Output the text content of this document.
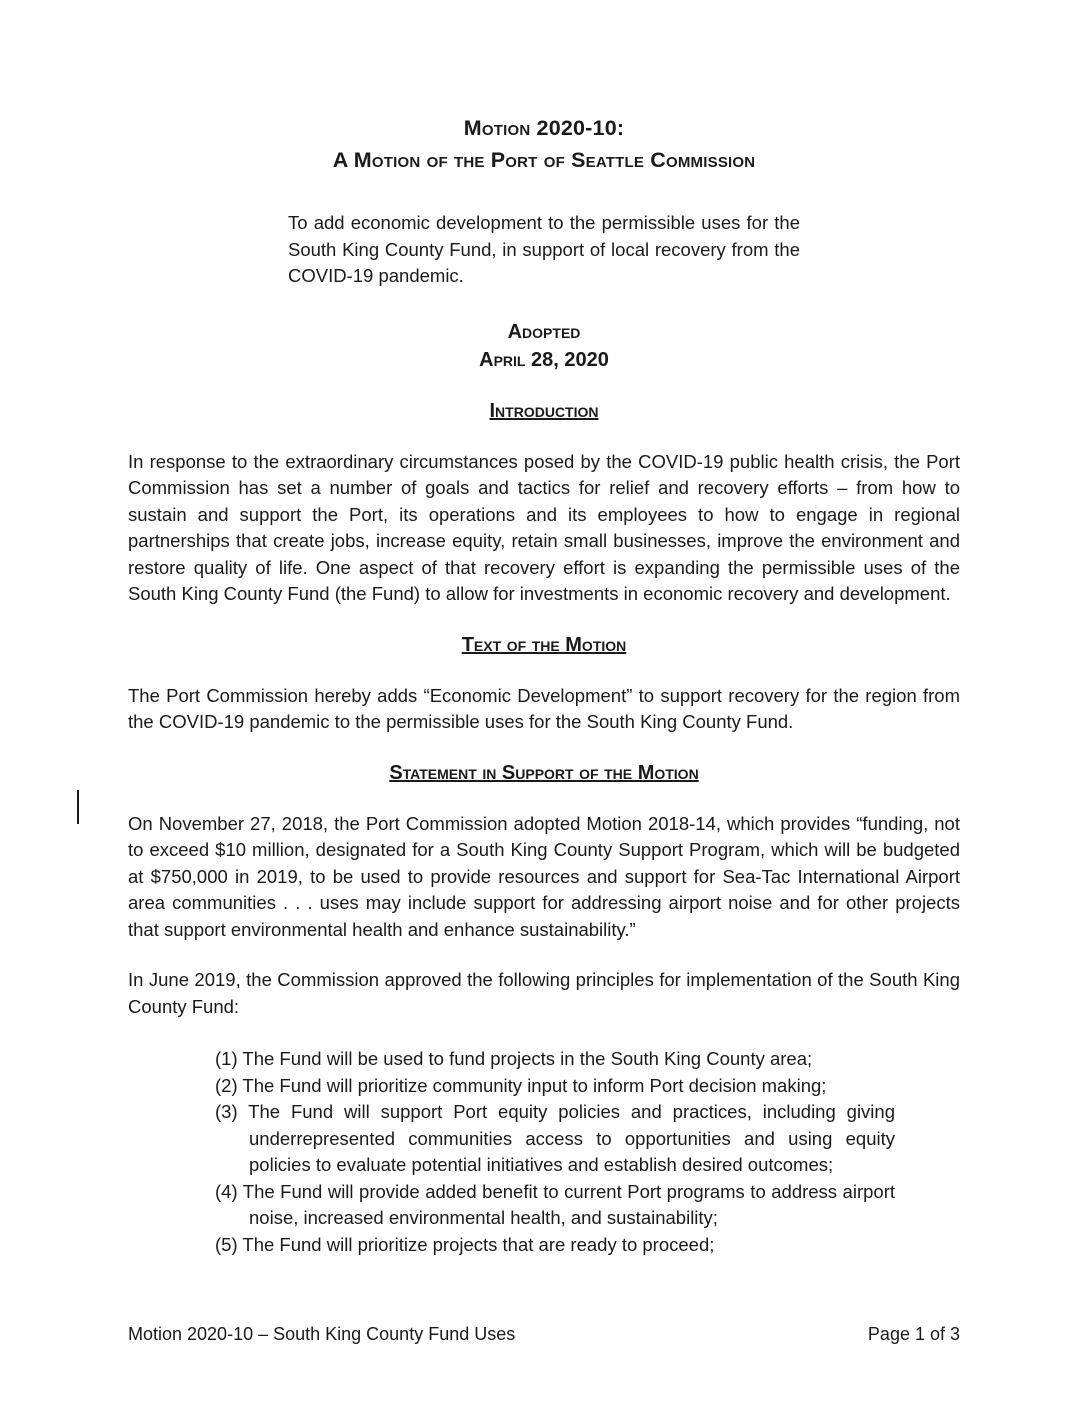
Motion 2020-10:
A Motion of the Port of Seattle Commission

To add economic development to the permissible uses for the South King County Fund, in support of local recovery from the COVID-19 pandemic.

Adopted
April 28, 2020
Introduction

In response to the extraordinary circumstances posed by the COVID-19 public health crisis, the Port Commission has set a number of goals and tactics for relief and recovery efforts – from how to sustain and support the Port, its operations and its employees to how to engage in regional partnerships that create jobs, increase equity, retain small businesses, improve the environment and restore quality of life. One aspect of that recovery effort is expanding the permissible uses of the South King County Fund (the Fund) to allow for investments in economic recovery and development.

Text of the Motion

The Port Commission hereby adds “Economic Development” to support recovery for the region from the COVID-19 pandemic to the permissible uses for the South King County Fund.

Statement in Support of the Motion

On November 27, 2018, the Port Commission adopted Motion 2018-14, which provides “funding, not to exceed $10 million, designated for a South King County Support Program, which will be budgeted at $750,000 in 2019, to be used to provide resources and support for Sea-Tac International Airport area communities . . . uses may include support for addressing airport noise and for other projects that support environmental health and enhance sustainability.”

In June 2019, the Commission approved the following principles for implementation of the South King County Fund:

(1) The Fund will be used to fund projects in the South King County area;
(2) The Fund will prioritize community input to inform Port decision making;
(3) The Fund will support Port equity policies and practices, including giving underrepresented communities access to opportunities and using equity policies to evaluate potential initiatives and establish desired outcomes;
(4) The Fund will provide added benefit to current Port programs to address airport noise, increased environmental health, and sustainability;
(5) The Fund will prioritize projects that are ready to proceed;
Motion 2020-10 – South King County Fund Uses	Page 1 of 3
